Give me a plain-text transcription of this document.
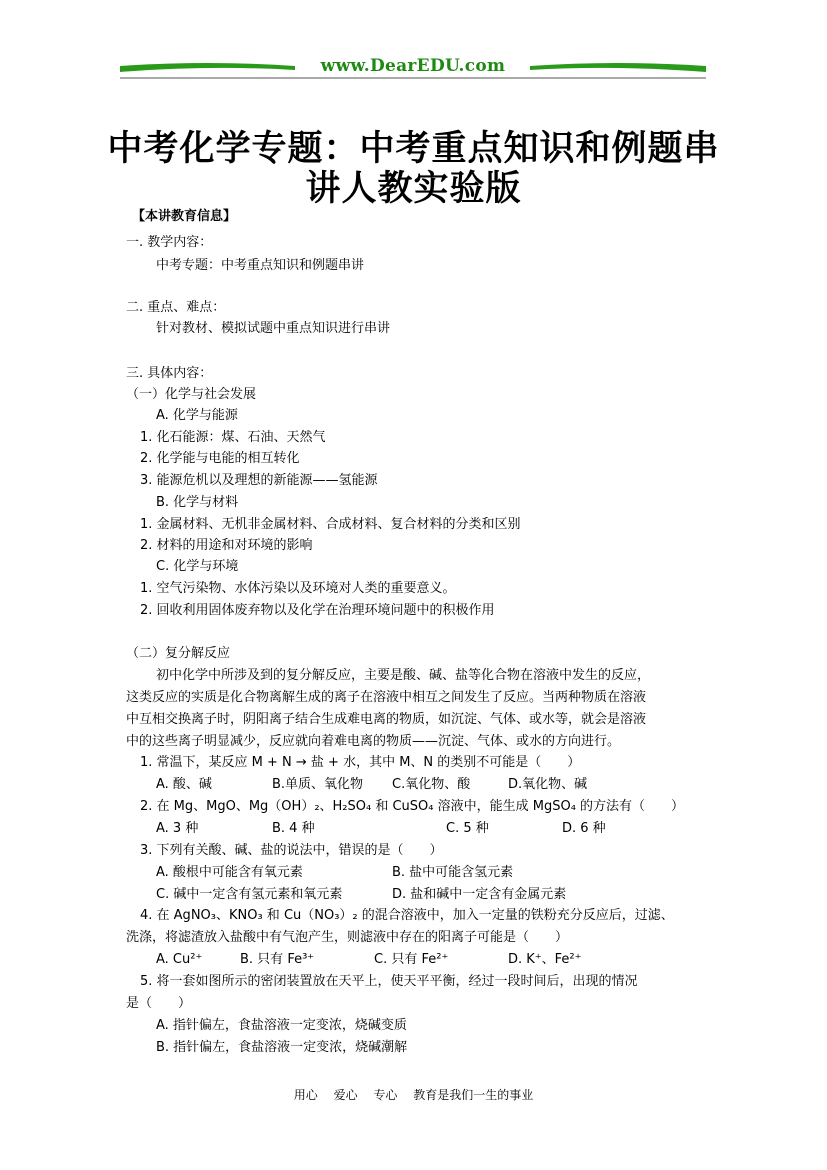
www.DearEDU.com
中考化学专题：中考重点知识和例题串
讲人教实验版
【本讲教育信息】
一. 教学内容：
中考专题：中考重点知识和例题串讲
二. 重点、难点：
针对教材、模拟试题中重点知识进行串讲
三. 具体内容：
（一）化学与社会发展
A. 化学与能源
1. 化石能源：煤、石油、天然气
2. 化学能与电能的相互转化
3. 能源危机以及理想的新能源——氢能源
B. 化学与材料
1. 金属材料、无机非金属材料、合成材料、复合材料的分类和区别
2. 材料的用途和对环境的影响
C. 化学与环境
1. 空气污染物、水体污染以及环境对人类的重要意义。
2. 回收利用固体废弃物以及化学在治理环境问题中的积极作用
（二）复分解反应
初中化学中所涉及到的复分解反应，主要是酸、碱、盐等化合物在溶液中发生的反应，
这类反应的实质是化合物离解生成的离子在溶液中相互之间发生了反应。当两种物质在溶液
中互相交换离子时，阴阳离子结合生成难电离的物质，如沉淀、气体、或水等，就会是溶液
中的这些离子明显减少，反应就向着难电离的物质——沉淀、气体、或水的方向进行。
1. 常温下，某反应 M + N → 盐 + 水，其中 M、N 的类别不可能是（　　）
A. 酸、碱	B.单质、氧化物 C.氧化物、酸	D.氧化物、碱
2. 在 Mg、MgO、Mg（OH）₂、H₂SO₄ 和 CuSO₄ 溶液中，能生成 MgSO₄ 的方法有（　　）
A. 3 种	B. 4 种	C. 5 种	D. 6 种
3. 下列有关酸、碱、盐的说法中，错误的是（　　）
A. 酸根中可能含有氧元素	B. 盐中可能含氢元素
C. 碱中一定含有氢元素和氧元素	D. 盐和碱中一定含有金属元素
4. 在 AgNO₃、KNO₃ 和 Cu（NO₃）₂ 的混合溶液中，加入一定量的铁粉充分反应后，过滤、
洗涤，将滤渣放入盐酸中有气泡产生，则滤液中存在的阳离子可能是（　　）
A. Cu²⁺	B. 只有 Fe³⁺	C. 只有 Fe²⁺	D. K⁺、Fe²⁺
5. 将一套如图所示的密闭装置放在天平上，使天平平衡，经过一段时间后，出现的情况
是（　　）
A. 指针偏左，食盐溶液一定变浓，烧碱变质
B. 指针偏左，食盐溶液一定变浓，烧碱潮解
用心 爱心 专心 教育是我们一生的事业
